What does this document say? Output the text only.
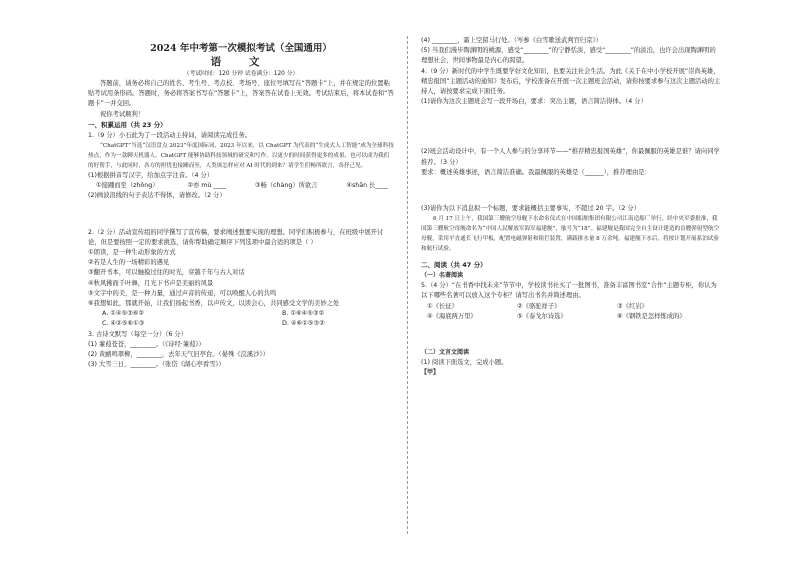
2024 年中考第一次模拟考试（全国通用）
语 文
（考试时间：120 分钟 试卷满分：120 分）

答题前，请务必将自己的姓名、考生号、考点校、考场号、座位号填写在“答题卡”上，并在规定的位置粘贴考试用条形码。答题时，务必将答案书写在“答题卡”上，答案答在试卷上无效。考试结束后，将本试卷和“答题卡”一并交回。

祝你考试顺利！

一、积累运用（共 23 分）

1.（9 分）小石此为了一段活动主持词，请阅读完成任务。

“ChatGPT”当选“汉语盘点 2023”年度国际词，2023 年以来，以 ChatGPT 为代表的“生成式人工智能”成为全球科技热点，作为一款聊天机器人，ChatGPT 能够协助科技领域的研究和写作，以更少的时间获得更多的成果，也可以成为我们的好帮手，与此同时，各方的担忧也接踵而至，人类该怎样应对 AI 时代的到来？请学生们畅所欲言，各抒己见。

(1)根据拼音写汉字，给加点字注音。（4 分）

①接踵而至（zhǒng）	②亦 mù ____	③畅（chàng）所欲言	④shān 长____

(2)画波浪线的句子表达不得体，请修改。（2 分）

2.（2 分）活动宣传组的同学撰写了宣传稿，要求阐述想要实现的理想。同学们积极参与，在班级中展开讨论，但是要按照一定的要求挑选，请你帮助确定顺序下列选项中最合适的项是（ ）

①朗读，是一种生动形象的方式

②若是人生的一场精彩的遇见

③翻开书本，可以触摸过往的时光，穿越千年与古人对话

④秋风拂面千叶舞，月光下书声是美丽的风景

⑤文字中的美，是一种力量，通过声音的传递，可以唤醒人心的共鸣

⑥我想如此，那就开始，让我们扬起书香，以声传文，以读会心，共同感受文学的美妙之处

A. ①④⑤③⑥②	B. ①⑥④⑤③②
C. ④②⑤⑥①③	D. ④⑥①⑤③②

3. 古诗文默写（每空一分）（6 分）

(1) 蒹葭苍苍，________。（《诗经·蒹葭》）

(2) 黄鹂鸣翠柳，________，去年天气旧亭台。（晏殊《浣溪沙》）

(3) 大雪三日，________。（张岱《湖心亭看雪》）

(4) ________，霜上空留马行处。（岑参《白雪歌送武判官归京》）

(5) 当我们漫步陶渊明的桃源，感受“________”的宁静恬淡，感受“________”的淡泊，也许会出现陶渊明的理想社会，世间事物最是内心的渴望。

4.（9 分）新时代的中学生既要学好文化知识，也要关注社会生活。为此《关于在中小学校开展“崇尚英雄，精忠报国”主题活动的通知》发布后，学校准备在开展一次主题班会活动，请你按要求参与这次主题活动的主持人，请按要求完成下面任务。

(1)请你为这次主题班会写一段开场白，要求：突出主题，语言简洁得体。（4 分）

(2)班会活动设计中，有一个人人参与的分享环节——“推荐精忠报国英雄”，你最佩服的英雄是谁？请向同学推荐。（3 分）

要求：概述英雄事迹，语言简洁准确。我最佩服的英雄是（______），推荐理由是：

(3)请你为以下消息拟一个标题，要求能概括主要事实，不超过 20 字。（2 分）

6 月 17 日上午，我国第三艘航空母舰下水命名仪式在中国船舶集团有限公司江南造船厂举行，经中央军委批准，我国第三艘航空母舰命名为“中国人民解放军海军福建舰”，舷号为“18”。福建舰是我国完全自主设计建造的首艘弹射型航空母舰，采用平直通长飞行甲板，配置电磁弹射和阻拦装置，满载排水量 8 万余吨。福建舰下水后，将按计划开展系泊试验和航行试验。

二、阅读（共 47 分）

（一）名著阅读

5.（4 分）“在书香中找未来”节节中，学校读书社买了一批图书，准备丰富图书室“合作”主题专柜，你认为以下哪些名著可以放入这个专柜？请写出书名并简述理由。

①《长征》	②《骆驼祥子》	③《红岩》
④《海底两万里》	⑤《泰戈尔诗选》	⑥《钢铁是怎样炼成的》

（二）文言文阅读

(1) 阅读下面选文，完成小题。

【甲】
